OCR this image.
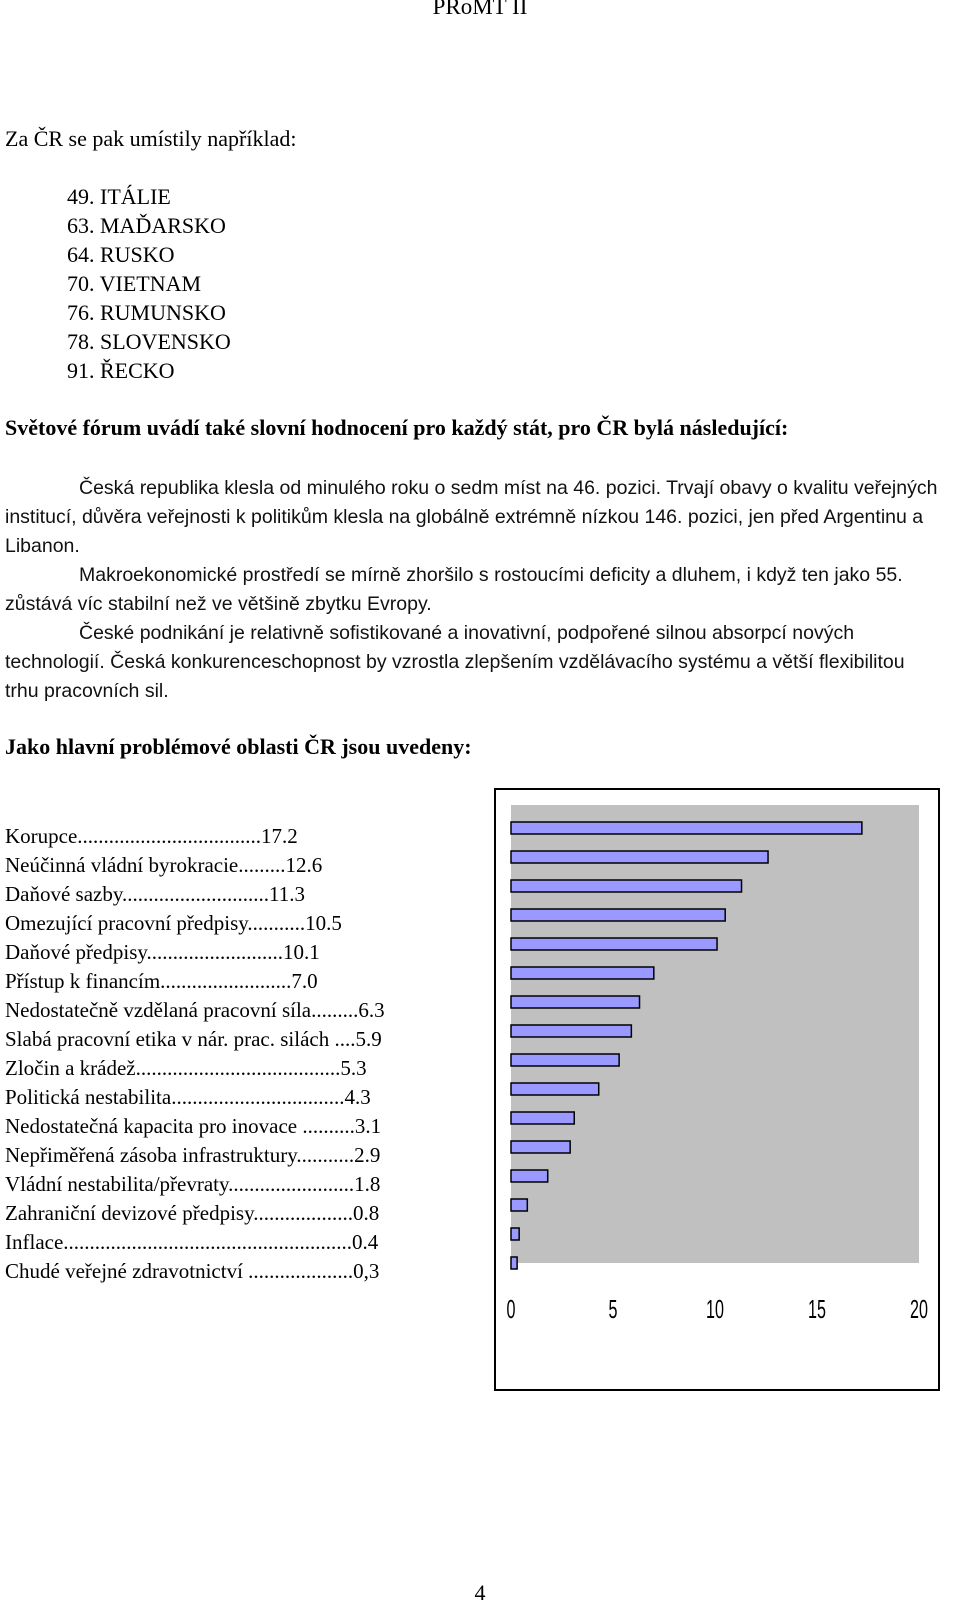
PRoMT II
Za ČR se pak umístily například:
49. ITÁLIE
63. MAĎARSKO
64. RUSKO
70. VIETNAM
76. RUMUNSKO
78. SLOVENSKO
91. ŘECKO
Světové fórum uvádí také slovní hodnocení pro každý stát, pro ČR bylá následující:

Česká republika klesla od minulého roku o sedm míst na 46. pozici. Trvají obavy o kvalitu veřejných institucí, důvěra veřejnosti k politikům klesla na globálně extrémně nízkou 146. pozici, jen před Argentinu a Libanon.

Makroekonomické prostředí se mírně zhoršilo s rostoucími deficity a dluhem, i když ten jako 55. zůstává víc stabilní než ve většině zbytku Evropy.

České podnikání je relativně sofistikované a inovativní, podpořené silnou absorpcí nových technologií. Česká konkurenceschopnost by vzrostla zlepšením vzdělávacího systému a větší flexibilitou trhu pracovních sil.

Jako hlavní problémové oblasti ČR jsou uvedeny:
Korupce...................................17.2
Neúčinná vládní byrokracie.........12.6
Daňové sazby............................11.3
Omezující pracovní předpisy...........10.5
Daňové předpisy..........................10.1
Přístup k financím.........................7.0
Nedostatečně vzdělaná pracovní síla.........6.3
Slabá pracovní etika v nár. prac. silách ....5.9
Zločin a krádež.......................................5.3
Politická nestabilita.................................4.3
Nedostatečná kapacita pro inovace ..........3.1
Nepřiměřená zásoba infrastruktury...........2.9
Vládní nestabilita/převraty........................1.8
Zahraniční devizové předpisy...................0.8
Inflace.......................................................0.4
Chudé veřejné zdravotnictví ....................0,3
0	5	10	15	20
4
